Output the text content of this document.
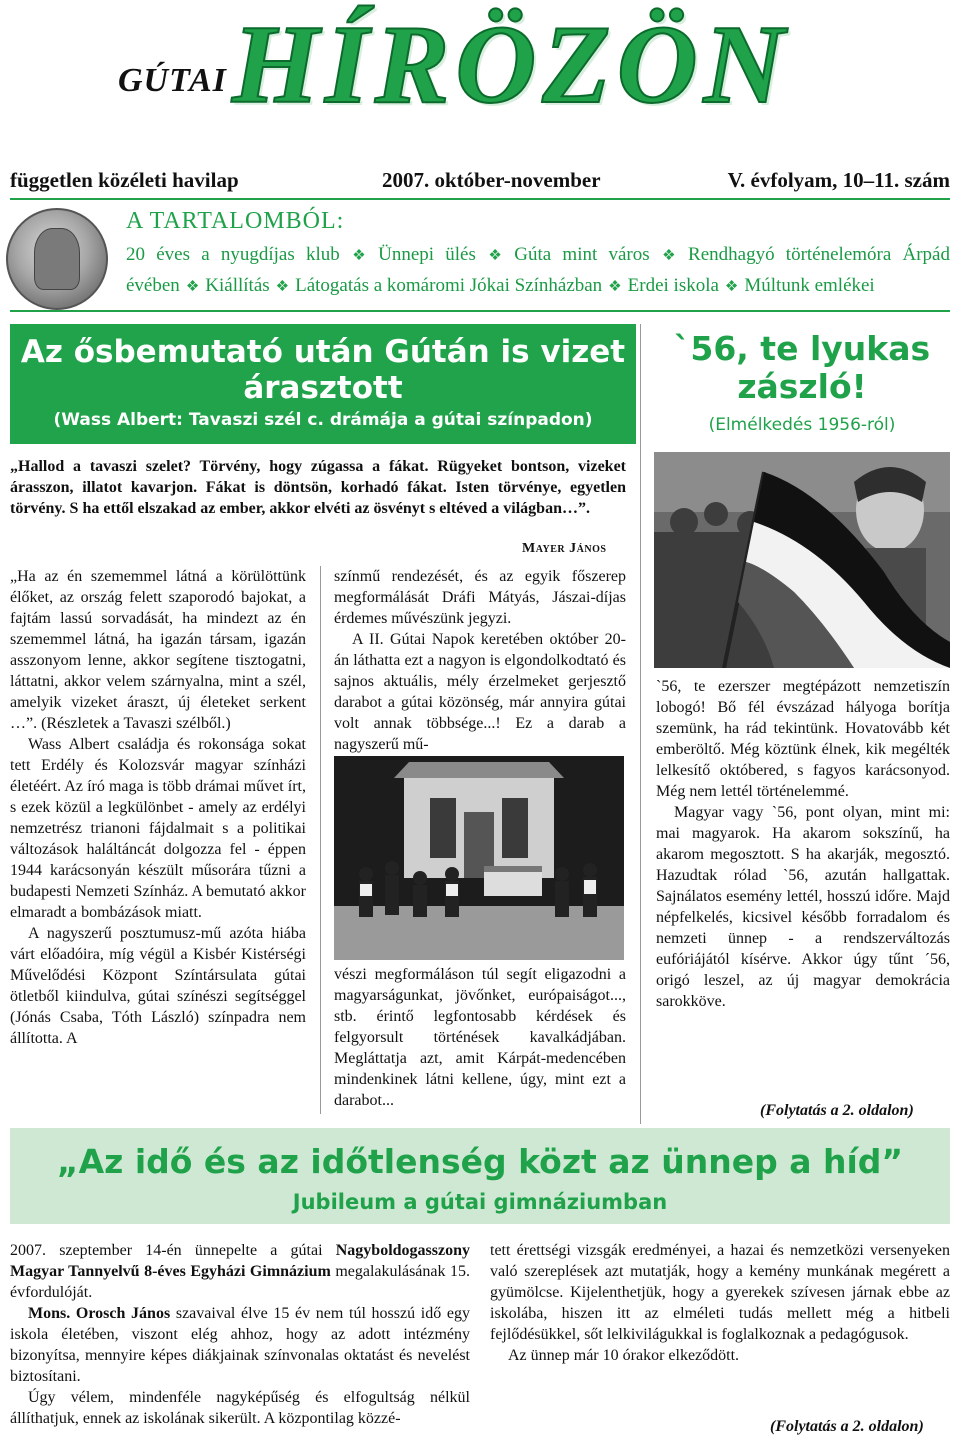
GÚTAI HÍRÖZÖN
független közéleti havilap	2007. október-november	V. évfolyam, 10–11. szám
A TARTALOMBÓL:
20 éves a nyugdíjas klub ❖ Ünnepi ülés ❖ Gúta mint város ❖ Rendhagyó történelemóra Árpád évében ❖ Kiállítás ❖ Látogatás a komáromi Jókai Színházban ❖ Erdei iskola ❖ Múltunk emlékei
Az ősbemutató után Gútán is vizet árasztott
(Wass Albert: Tavaszi szél c. drámája a gútai színpadon)
„Hallod a tavaszi szelet? Törvény, hogy zúgassa a fákat. Rügyeket bontson, vizeket árasszon, illatot kavarjon. Fákat is döntsön, korhadó fákat. Isten törvénye, egyetlen törvény. S ha ettől elszakad az ember, akkor elvéti az ösvényt s eltéved a világban…”.
Mayer János

„Ha az én szememmel látná a körülöttünk élőket, az ország felett szaporodó bajokat, a fajtám lassú sorvadását, ha mindezt az én szememmel látná, ha igazán társam, igazán asszonyom lenne, akkor segítene tisztogatni, láttatni, akkor velem szárnyalna, mint a szél, amelyik vizeket áraszt, új életeket serkent …”. (Részletek a Tavaszi szélből.)

Wass Albert családja és rokonsága sokat tett Erdély és Kolozsvár magyar színházi életéért. Az író maga is több drámai művet írt, s ezek közül a legkülönbet - amely az erdélyi nemzetrész trianoni fájdalmait s a politikai változások haláltáncát dolgozza fel - éppen 1944 karácsonyán készült műsorára tűzni a budapesti Nemzeti Színház. A bemutató akkor elmaradt a bombázások miatt.

A nagyszerű posztumusz-mű azóta hiába várt előadóira, míg végül a Kisbér Kistérségi Művelődési Központ Színtársulata gútai ötletből kiindulva, gútai színészi segítséggel (Jónás Csaba, Tóth László) színpadra nem állította. A

színmű rendezését, és az egyik főszerep megformálását Dráfi Mátyás, Jászai-díjas érdemes művészünk jegyzi.

A II. Gútai Napok keretében október 20-án láthatta ezt a nagyon is elgondolkodtató és sajnos aktuális, mély érzelmeket gerjesztő darabot a gútai közönség, már annyira gútai volt annak többsége...! Ez a darab a nagyszerű mű-

vészi megformáláson túl segít eligazodni a magyarságunkat, jövőnket, európaiságot..., stb. érintő legfontosabb kérdések és felgyorsult történések kavalkádjában. Megláttatja azt, amit Kárpát-medencében mindenkinek látni kellene, úgy, mint ezt a darabot...

`56, te lyukas zászló!
(Elmélkedés 1956-ról)

`56, te ezerszer megtépázott nemzetiszín lobogó! Bő fél évszázad hályoga borítja szemünk, ha rád tekintünk. Hovatovább két emberöltő. Még köztünk élnek, kik megélték lelkesítő októbered, s fagyos karácsonyod. Még nem lettél történelemmé.

Magyar vagy `56, pont olyan, mint mi: mai magyarok. Ha akarom sokszínű, ha akarom megosztott. S ha akarják, megosztó. Hazudtak rólad `56, azután hallgattak. Sajnálatos esemény lettél, hosszú időre. Majd népfelkelés, kicsivel később forradalom és nemzeti ünnep - a rendszerváltozás eufóriájától kísérve. Akkor úgy tűnt ´56, origó leszel, az új magyar demokrácia sarokköve.

(Folytatás a 2. oldalon)
„Az idő és az időtlenség közt az ünnep a híd”
Jubileum a gútai gimnáziumban

2007. szeptember 14-én ünnepelte a gútai Nagyboldogasszony Magyar Tannyelvű 8-éves Egyházi Gimnázium megalakulásának 15. évfordulóját.

Mons. Orosch János szavaival élve 15 év nem túl hosszú idő egy iskola életében, viszont elég ahhoz, hogy az adott intézmény bizonyítsa, mennyire képes diákjainak színvonalas oktatást és nevelést biztosítani.

Úgy vélem, mindenféle nagyképűség és elfogultság nélkül állíthatjuk, ennek az iskolának sikerült. A központilag közzé-

tett érettségi vizsgák eredményei, a hazai és nemzetközi versenyeken való szereplések azt mutatják, hogy a kemény munkának megérett a gyümölcse. Kijelenthetjük, hogy a gyerekek szívesen járnak ebbe az iskolába, hiszen itt az elméleti tudás mellett még a hitbeli fejlődésükkel, sőt lelkivilágukkal is foglalkoznak a pedagógusok.

Az ünnep már 10 órakor elkeződött.

(Folytatás a 2. oldalon)
